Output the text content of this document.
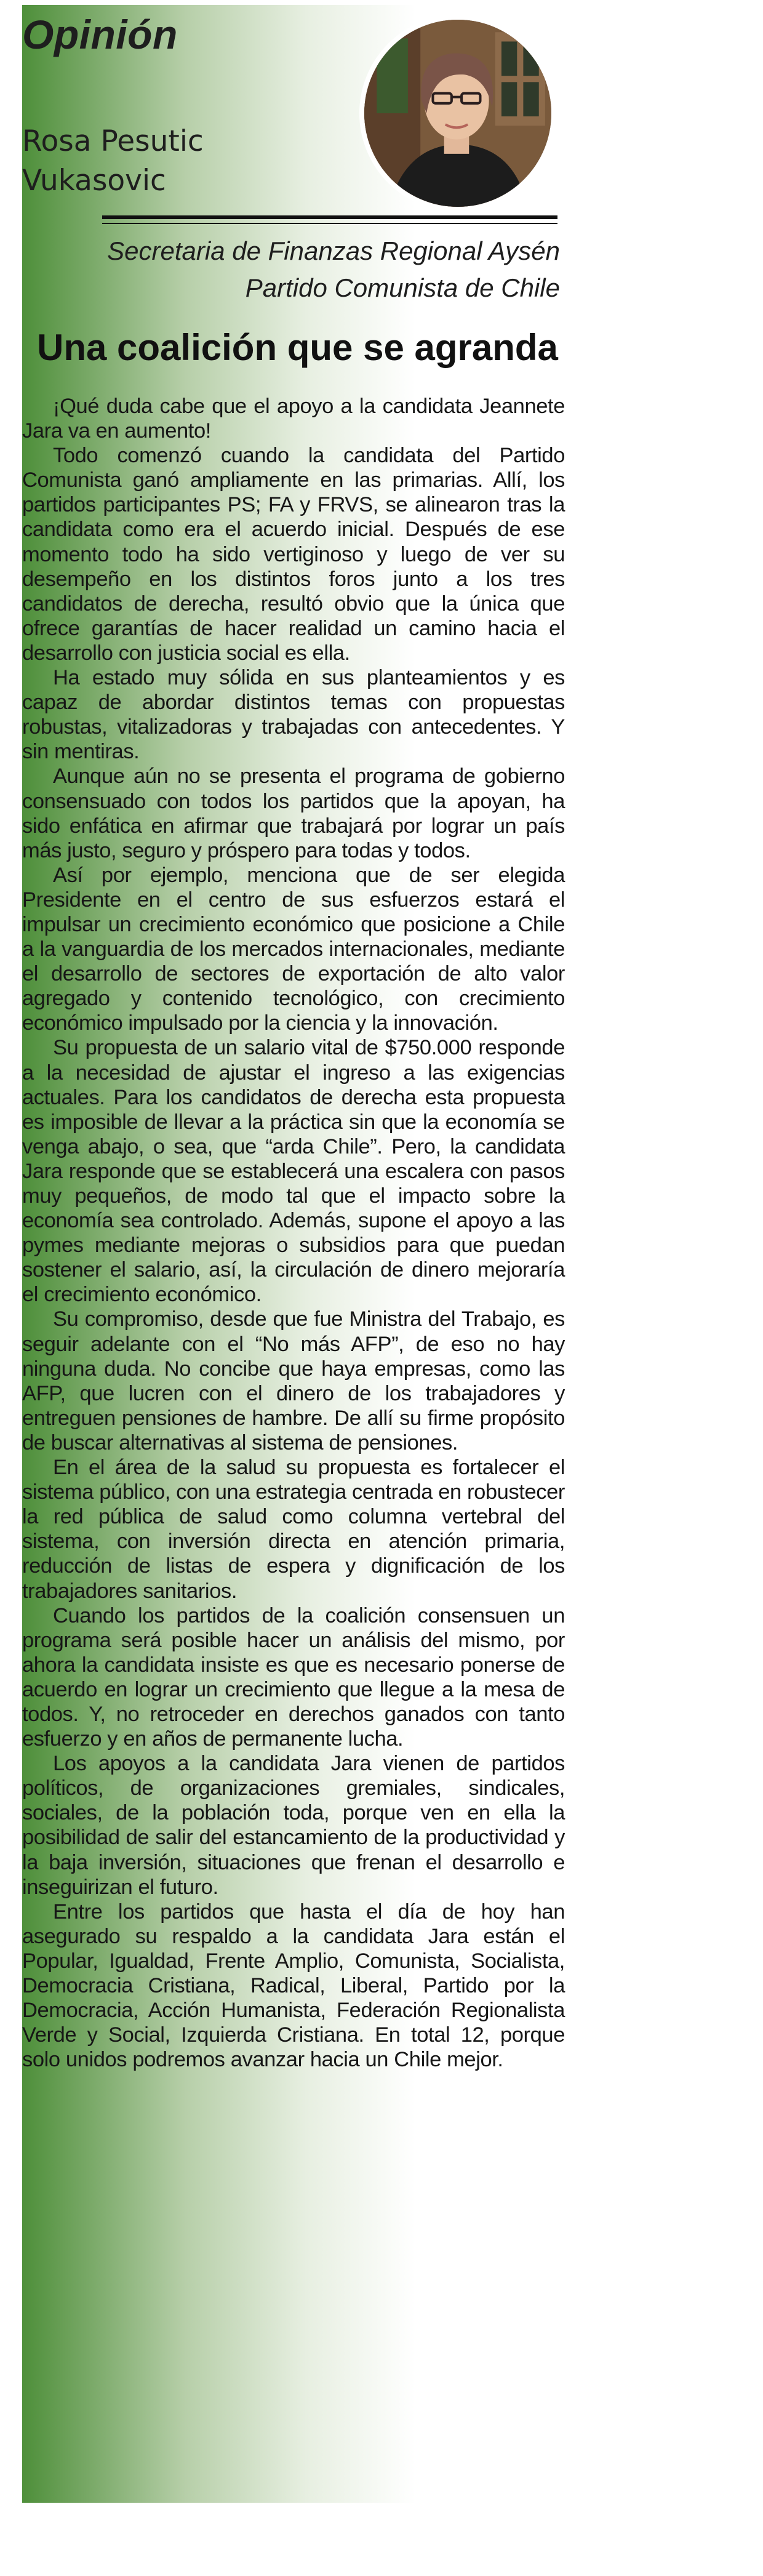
Opinión
Rosa Pesutic
Vukasovic
Secretaria de Finanzas Regional Aysén
Partido Comunista de Chile
Una coalición que se agranda

¡Qué duda cabe que el apoyo a la candidata Jeannete Jara va en aumento!

Todo comenzó cuando la candidata del Partido Comunista ganó ampliamente en las primarias. Allí, los partidos participantes PS; FA y FRVS, se alinearon tras la candidata como era el acuerdo inicial. Después de ese momento todo ha sido vertiginoso y luego de ver su desempeño en los distintos foros junto a los tres candidatos de derecha, resultó obvio que la única que ofrece garantías de hacer realidad un camino hacia el desarrollo con justicia social es ella.

Ha estado muy sólida en sus planteamientos y es capaz de abordar distintos temas con propuestas robustas, vitalizadoras y trabajadas con antecedentes. Y sin mentiras.

Aunque aún no se presenta el programa de gobierno consensuado con todos los partidos que la apoyan, ha sido enfática en afirmar que trabajará por lograr un país más justo, seguro y próspero para todas y todos.

Así por ejemplo, menciona que de ser elegida Presidente en el centro de sus esfuerzos estará el impulsar un crecimiento económico que posicione a Chile a la vanguardia de los mercados internacionales, mediante el desarrollo de sectores de exportación de alto valor agregado y contenido tecnológico, con crecimiento económico impulsado por la ciencia y la innovación.

Su propuesta de un salario vital de $750.000 responde a la necesidad de ajustar el ingreso a las exigencias actuales. Para los candidatos de derecha esta propuesta es imposible de llevar a la práctica sin que la economía se venga abajo, o sea, que “arda Chile”. Pero, la candidata Jara responde que se establecerá una escalera con pasos muy pequeños, de modo tal que el impacto sobre la economía sea controlado. Además, supone el apoyo a las pymes mediante mejoras o subsidios para que puedan sostener el salario, así, la circulación de dinero mejoraría el crecimiento económico.

Su compromiso, desde que fue Ministra del Trabajo, es seguir adelante con el “No más AFP”, de eso no hay ninguna duda. No concibe que haya empresas, como las AFP, que lucren con el dinero de los trabajadores y entreguen pensiones de hambre. De allí su firme propósito de buscar alternativas al sistema de pensiones.

En el área de la salud su propuesta es fortalecer el sistema público, con una estrategia centrada en robustecer la red pública de salud como columna vertebral del sistema, con inversión directa en atención primaria, reducción de listas de espera y dignificación de los trabajadores sanitarios.

Cuando los partidos de la coalición consensuen un programa será posible hacer un análisis del mismo, por ahora la candidata insiste es que es necesario ponerse de acuerdo en lograr un crecimiento que llegue a la mesa de todos. Y, no retroceder en derechos ganados con tanto esfuerzo y en años de permanente lucha.

Los apoyos a la candidata Jara vienen de partidos políticos, de organizaciones gremiales, sindicales, sociales, de la población toda, porque ven en ella la posibilidad de salir del estancamiento de la productividad y la baja inversión, situaciones que frenan el desarrollo e inseguirizan el futuro.

Entre los partidos que hasta el día de hoy han asegurado su respaldo a la candidata Jara están el Popular, Igualdad, Frente Amplio, Comunista, Socialista, Democracia Cristiana, Radical, Liberal, Partido por la Democracia, Acción Humanista, Federación Regionalista Verde y Social, Izquierda Cristiana. En total 12, porque solo unidos podremos avanzar hacia un Chile mejor.
